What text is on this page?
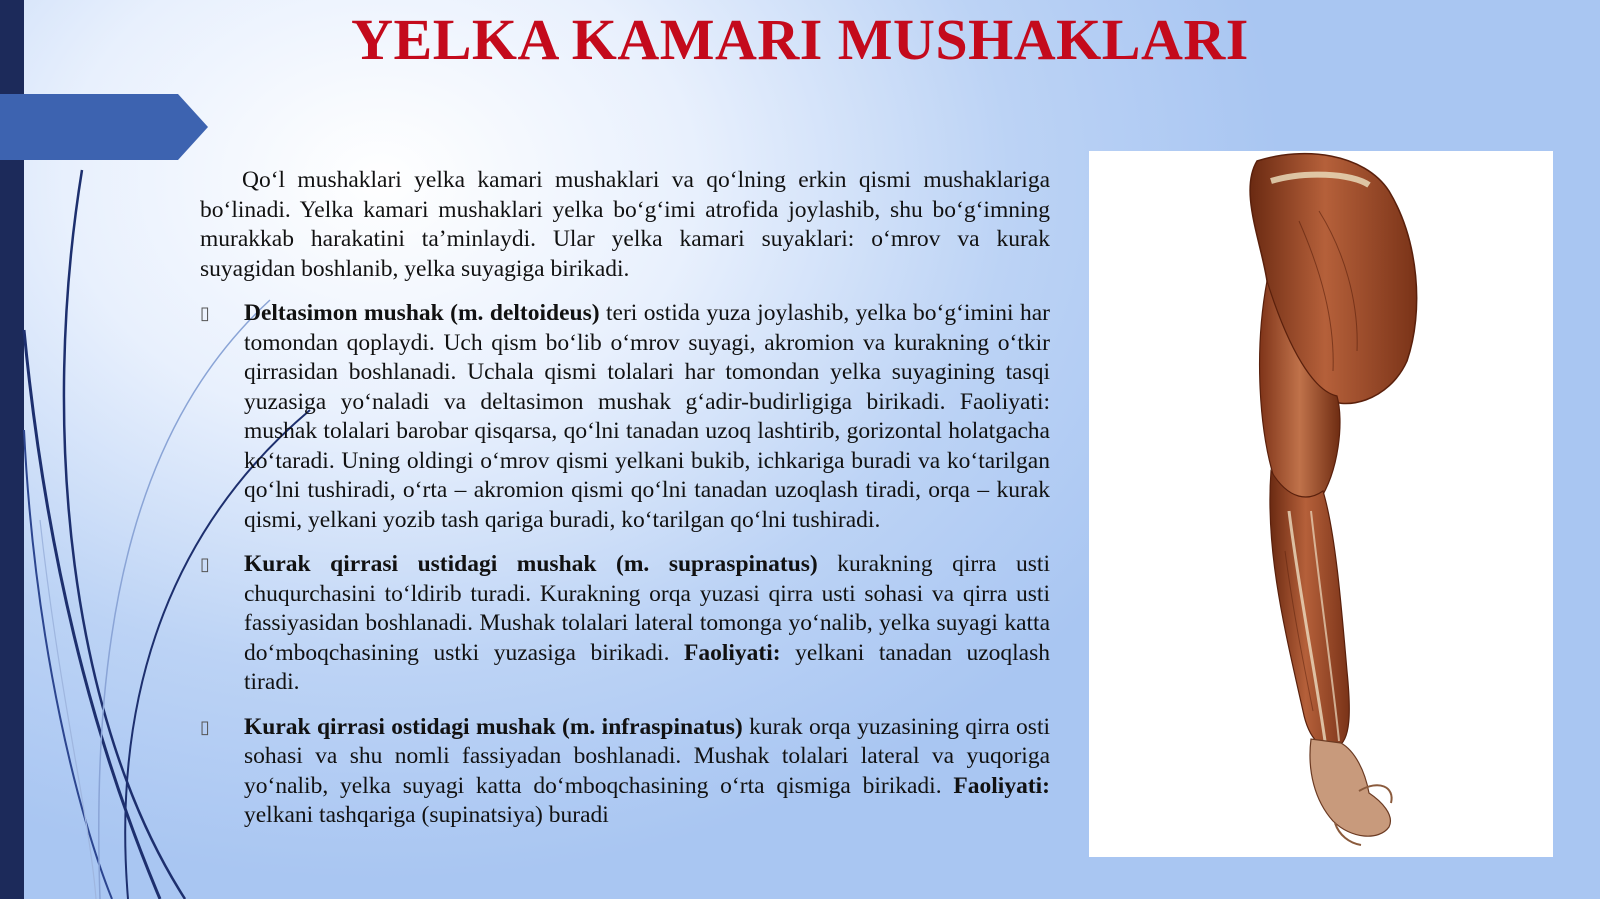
YELKA KAMARI MUSHAKLARI

Qo‘l mushaklari yelka kamari mushaklari va qo‘lning erkin qismi mushaklariga bo‘linadi. Yelka kamari mushaklari yelka bo‘g‘imi atrofida joylashib, shu bo‘g‘imning murakkab harakatini ta’minlaydi. Ular yelka kamari suyaklari: o‘mrov va kurak suyagidan boshlanib, yelka suyagiga birikadi.

▯ Deltasimon mushak (m. deltoideus) teri ostida yuza joylashib, yelka bo‘g‘imini har tomondan qoplaydi. Uch qism bo‘lib o‘mrov suyagi, akromion va kurakning o‘tkir qirrasidan boshlanadi. Uchala qismi tolalari har tomondan yelka suyagining tasqi yuzasiga yo‘naladi va deltasimon mushak g‘adir-budirligiga birikadi. Faoliyati: mushak tolalari barobar qisqarsa, qo‘lni tanadan uzoq lashtirib, gorizontal holatgacha ko‘taradi. Uning oldingi o‘mrov qismi yelkani bukib, ichkariga buradi va ko‘tarilgan qo‘lni tushiradi, o‘rta – akromion qismi qo‘lni tanadan uzoqlash tiradi, orqa – kurak qismi, yelkani yozib tash qariga buradi, ko‘tarilgan qo‘lni tushiradi.

▯ Kurak qirrasi ustidagi mushak (m. supraspinatus) kurakning qirra usti chuqurchasini to‘ldirib turadi. Kurakning orqa yuzasi qirra usti sohasi va qirra usti fassiyasidan boshlanadi. Mushak tolalari lateral tomonga yo‘nalib, yelka suyagi katta do‘mboqchasining ustki yuzasiga birikadi. Faoliyati: yelkani tanadan uzoqlash tiradi.

▯ Kurak qirrasi ostidagi mushak (m. infraspinatus) kurak orqa yuzasining qirra osti sohasi va shu nomli fassiyadan boshlanadi. Mushak tolalari lateral va yuqoriga yo‘nalib, yelka suyagi katta do‘mboqchasining o‘rta qismiga birikadi. Faoliyati: yelkani tashqariga (supinatsiya) buradi
